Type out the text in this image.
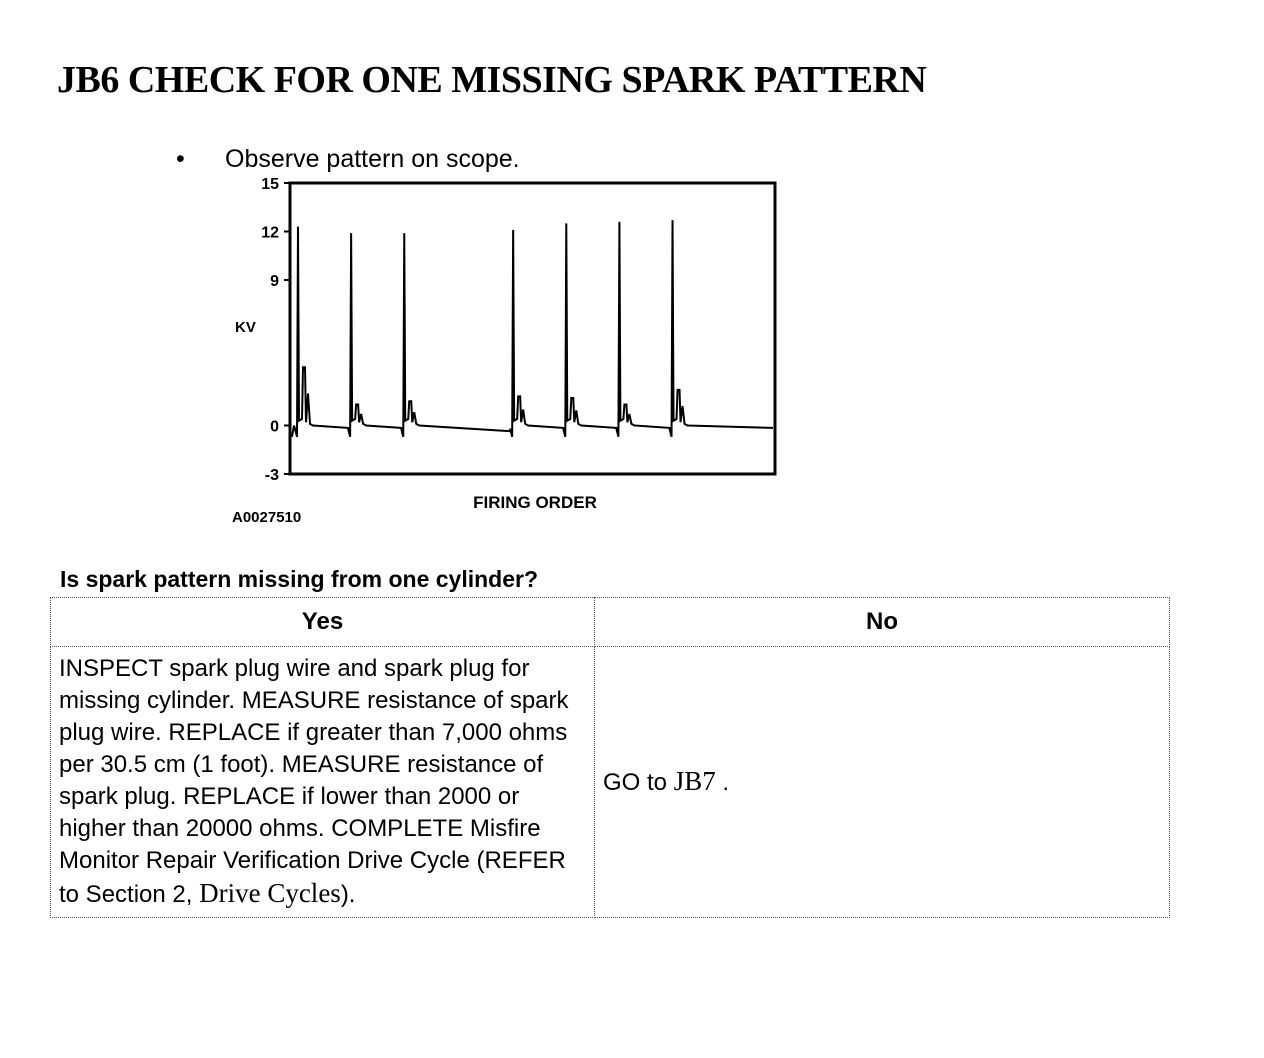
JB6 CHECK FOR ONE MISSING SPARK PATTERN
• Observe pattern on scope.
15
12
9
0
-3
KV
FIRING ORDER
A0027510
Is spark pattern missing from one cylinder?
Yes	No
INSPECT spark plug wire and spark plug for missing cylinder. MEASURE resistance of spark plug wire. REPLACE if greater than 7,000 ohms per 30.5 cm (1 foot). MEASURE resistance of spark plug. REPLACE if lower than 2000 or higher than 20000 ohms. COMPLETE Misfire Monitor Repair Verification Drive Cycle (REFER to Section 2, Drive Cycles).	GO to JB7 .
